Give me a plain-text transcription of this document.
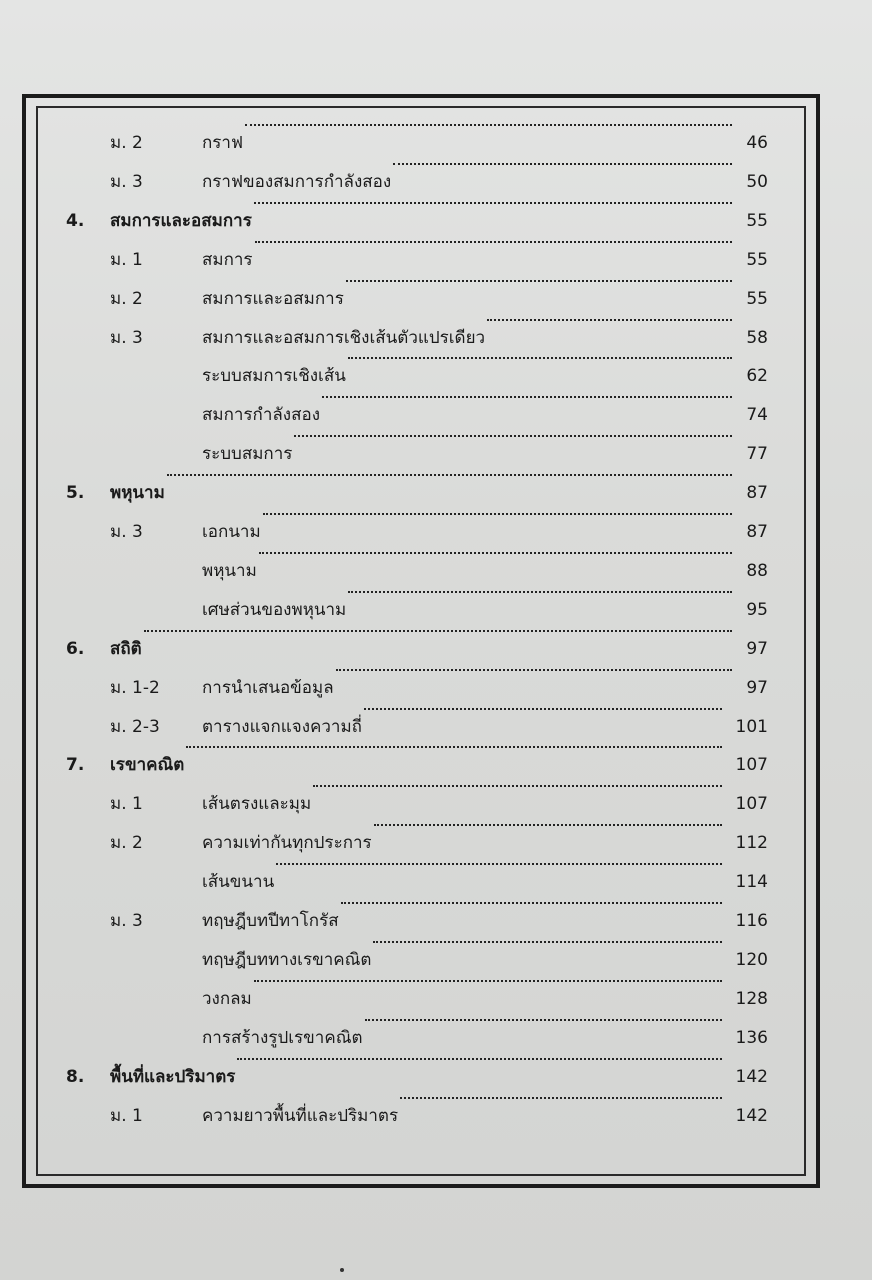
ม. 2	กราฟ	46
ม. 3	กราฟของสมการกำลังสอง	50
4. สมการและอสมการ	55
ม. 1	สมการ	55
ม. 2	สมการและอสมการ	55
ม. 3	สมการและอสมการเชิงเส้นตัวแปรเดียว	58
ระบบสมการเชิงเส้น	62
สมการกำลังสอง	74
ระบบสมการ	77
5. พหุนาม	87
ม. 3	เอกนาม	87
พหุนาม	88
เศษส่วนของพหุนาม	95
6. สถิติ	97
ม. 1-2 การนำเสนอข้อมูล	97
ม. 2-3 ตารางแจกแจงความถี่	101
7. เรขาคณิต	107
ม. 1	เส้นตรงและมุม	107
ม. 2	ความเท่ากันทุกประการ	112
เส้นขนาน	114
ม. 3	ทฤษฎีบทปีทาโกรัส	116
ทฤษฎีบททางเรขาคณิต	120
วงกลม	128
การสร้างรูปเรขาคณิต	136
8. พื้นที่และปริมาตร	142
ม. 1	ความยาวพื้นที่และปริมาตร	142
